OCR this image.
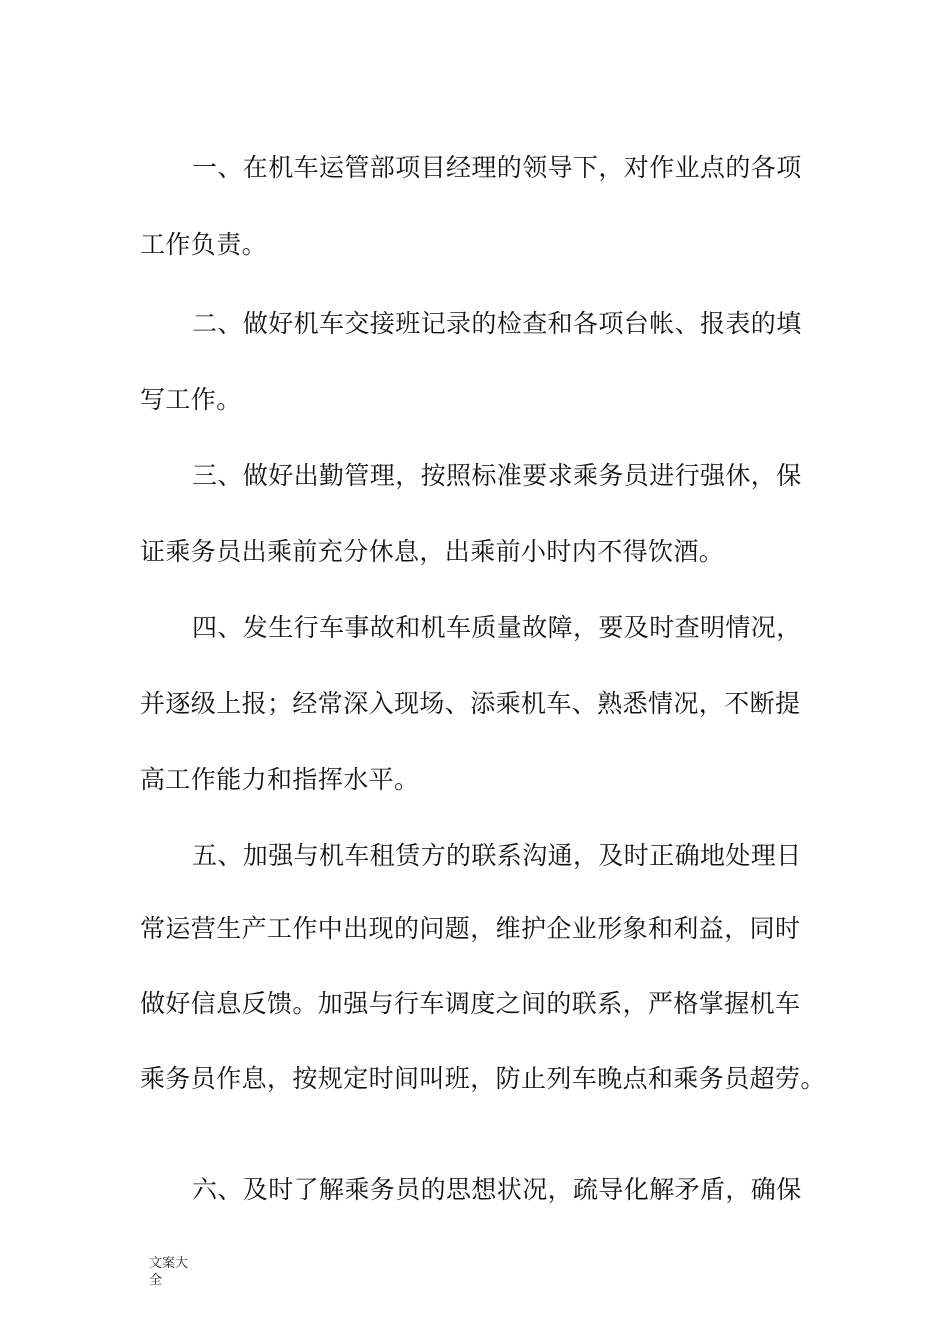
一、在机车运管部项目经理的领导下，对作业点的各项
工作负责。
二、做好机车交接班记录的检查和各项台帐、报表的填
写工作。
三、做好出勤管理，按照标准要求乘务员进行强休，保
证乘务员出乘前充分休息，出乘前小时内不得饮酒。
四、发生行车事故和机车质量故障，要及时查明情况，
并逐级上报；经常深入现场、添乘机车、熟悉情况，不断提
高工作能力和指挥水平。
五、加强与机车租赁方的联系沟通，及时正确地处理日
常运营生产工作中出现的问题，维护企业形象和利益，同时
做好信息反馈。加强与行车调度之间的联系，严格掌握机车
乘务员作息，按规定时间叫班，防止列车晚点和乘务员超劳。
六、及时了解乘务员的思想状况，疏导化解矛盾，确保
文案大
全
